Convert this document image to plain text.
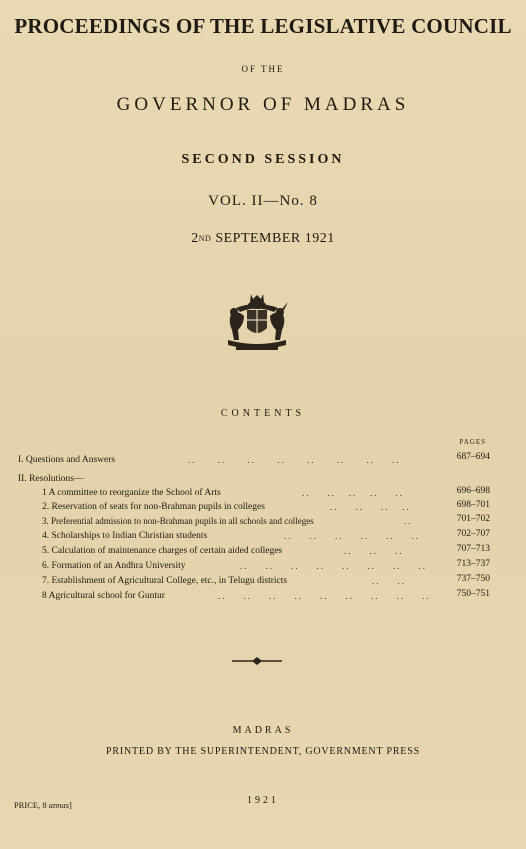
PROCEEDINGS OF THE LEGISLATIVE COUNCIL
OF THE
GOVERNOR OF MADRAS
SECOND SESSION
VOL. II—No. 8
2ND SEPTEMBER 1921
CONTENTS
PAGES
I. Questions and Answers	..     ..     ..     ..     ..     ..     ..    ..	687–694
II. Resolutions—
1 A committee to reorganize the School of Arts	..    ..   ..   ..    ..	696–698
2. Reservation of seats for non-Brahman pupils in colleges	..    ..    ..   ..	698–701
3. Preferential admission to non-Brahman pupils in all schools and colleges	..	701–702
4. Scholarships to Indian Christian students	..    ..    ..    ..    ..    ..	702–707
5. Calculation of maintenance charges of certain aided colleges	..    ..    ..	707–713
6. Formation of an Andhra University	..    ..    ..    ..    ..    ..    ..    ..	713–737
7. Establishment of Agricultural College, etc., in Telugu districts	..    ..	737–750
8 Agricultural school for Guntur	..    ..    ..    ..    ..    ..    ..    ..    ..	750–751
MADRAS
PRINTED BY THE SUPERINTENDENT, GOVERNMENT PRESS
1921
PRICE, 8 annas]
